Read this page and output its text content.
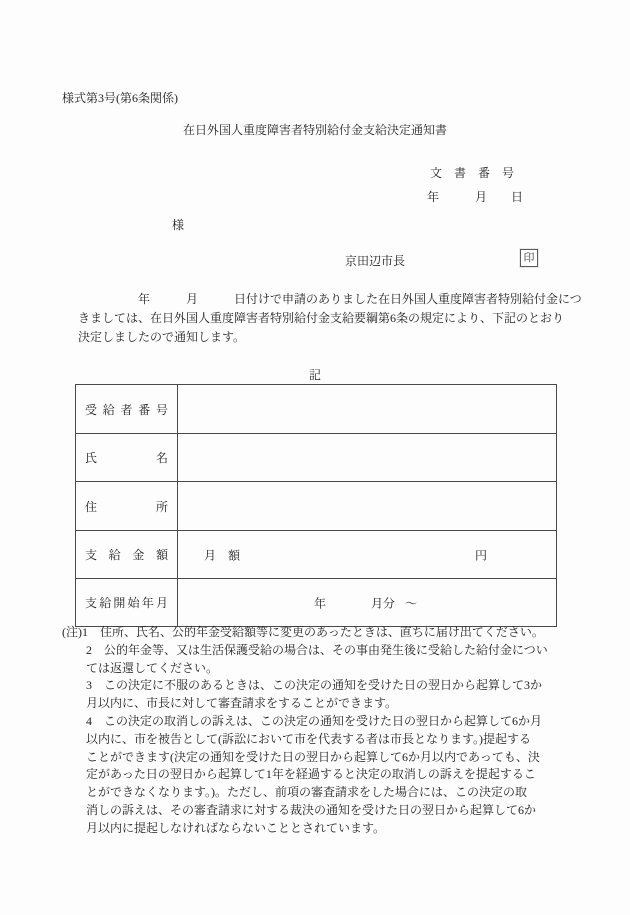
様式第3号(第6条関係)
在日外国人重度障害者特別給付金支給決定通知書
文　書　番　号
年　　　月　　日
様
京田辺市長	印
　　　　　年　　　月　　　日付けで申請のありました在日外国人重度障害者特別給付金につ
きましては、在日外国人重度障害者特別給付金支給要綱第6条の規定により、下記のとおり
決定しましたので通知します。
記
受 給 者 番 号
氏	名
住	所
支 給 金 額	月　額	円
支 給 開 始 年 月	年	月分 ～
(注)1　住所、氏名、公的年金受給額等に変更のあったときは、直ちに届け出てください。
　　2　公的年金等、又は生活保護受給の場合は、その事由発生後に受給した給付金につい
　　ては返還してください。
　　3　この決定に不服のあるときは、この決定の通知を受けた日の翌日から起算して3か
　　月以内に、市長に対して審査請求をすることができます。
　　4　この決定の取消しの訴えは、この決定の通知を受けた日の翌日から起算して6か月
　　以内に、市を被告として(訴訟において市を代表する者は市長となります。)提起する
　　ことができます(決定の通知を受けた日の翌日から起算して6か月以内であっても、決
　　定があった日の翌日から起算して1年を経過すると決定の取消しの訴えを提起するこ
　　とができなくなります。)。ただし、前項の審査請求をした場合には、この決定の取
　　消しの訴えは、その審査請求に対する裁決の通知を受けた日の翌日から起算して6か
　　月以内に提起しなければならないこととされています。
